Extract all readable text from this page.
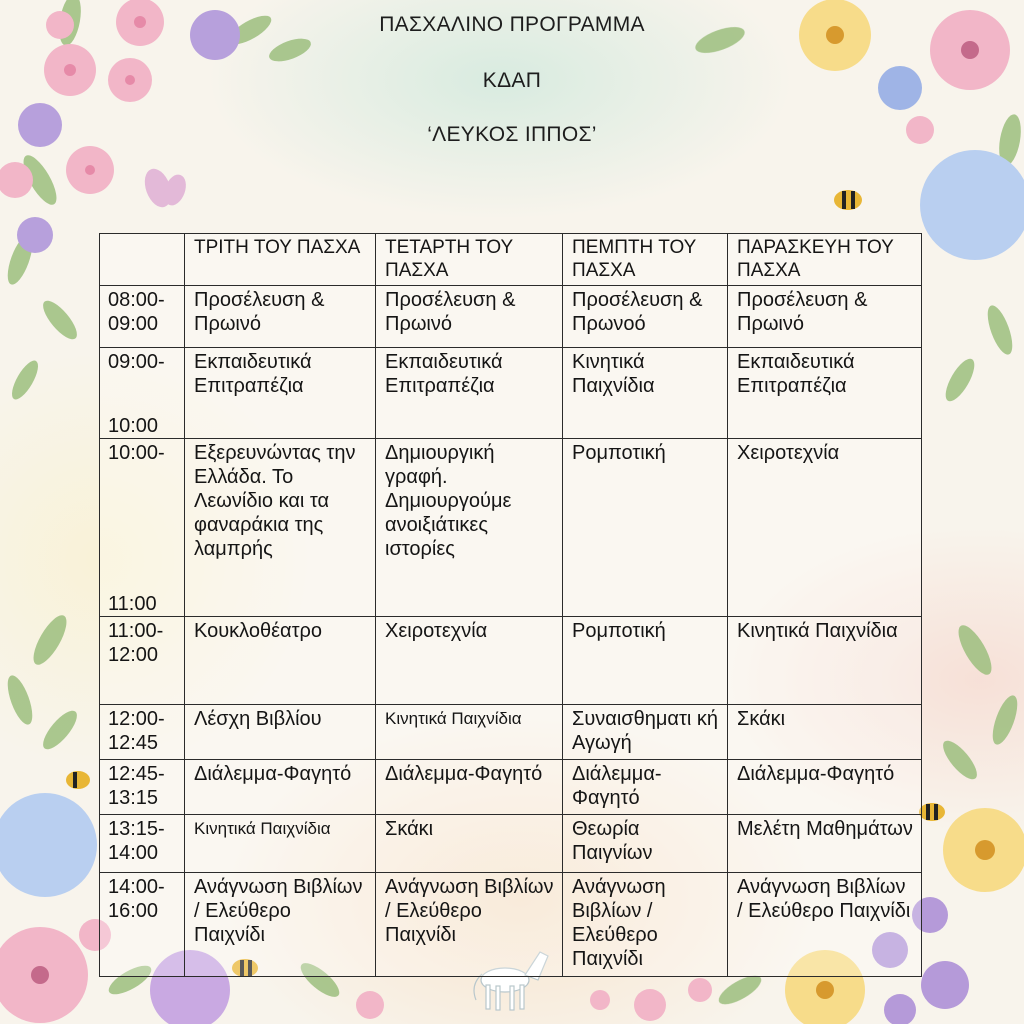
ΠΑΣΧΑΛΙΝΟ ΠΡΟΓΡΑΜΜΑ
ΚΔΑΠ
‘ΛΕΥΚΟΣ ΙΠΠΟΣ’
	ΤΡΙΤΗ ΤΟΥ ΠΑΣΧΑ	ΤΕΤΑΡΤΗ ΤΟΥ ΠΑΣΧΑ	ΠΕΜΠΤΗ ΤΟΥ ΠΑΣΧΑ	ΠΑΡΑΣΚΕΥΗ ΤΟΥ ΠΑΣΧΑ
08:00-
09:00	Προσέλευση & Πρωινό	Προσέλευση & Πρωινό	Προσέλευση & Πρωνοό	Προσέλευση & Πρωινό
09:00-
10:00	Εκπαιδευτικά Επιτραπέζια	Εκπαιδευτικά Επιτραπέζια	Κινητικά Παιχνίδια	Εκπαιδευτικά Επιτραπέζια
10:00-
11:00	Εξερευνώντας την Ελλάδα. Το Λεωνίδιο και τα φαναράκια της λαμπρής	Δημιουργική γραφή. Δημιουργούμε ανοιξιάτικες ιστορίες	Ρομποτική	Χειροτεχνία
11:00-
12:00	Κουκλοθέατρο	Χειροτεχνία	Ρομποτική	Κινητικά Παιχνίδια
12:00-
12:45	Λέσχη Βιβλίου	Κινητικά Παιχνίδια	Συναισθηματι κή Αγωγή	Σκάκι
12:45-
13:15	Διάλεμμα-Φαγητό	Διάλεμμα-Φαγητό	Διάλεμμα-Φαγητό	Διάλεμμα-Φαγητό
13:15-
14:00	Κινητικά Παιχνίδια	Σκάκι	Θεωρία Παιγνίων	Μελέτη Μαθημάτων
14:00-
16:00	Ανάγνωση Βιβλίων / Ελεύθερο Παιχνίδι	Ανάγνωση Βιβλίων / Ελεύθερο Παιχνίδι	Ανάγνωση Βιβλίων / Ελεύθερο Παιχνίδι	Ανάγνωση Βιβλίων / Ελεύθερο Παιχνίδι
